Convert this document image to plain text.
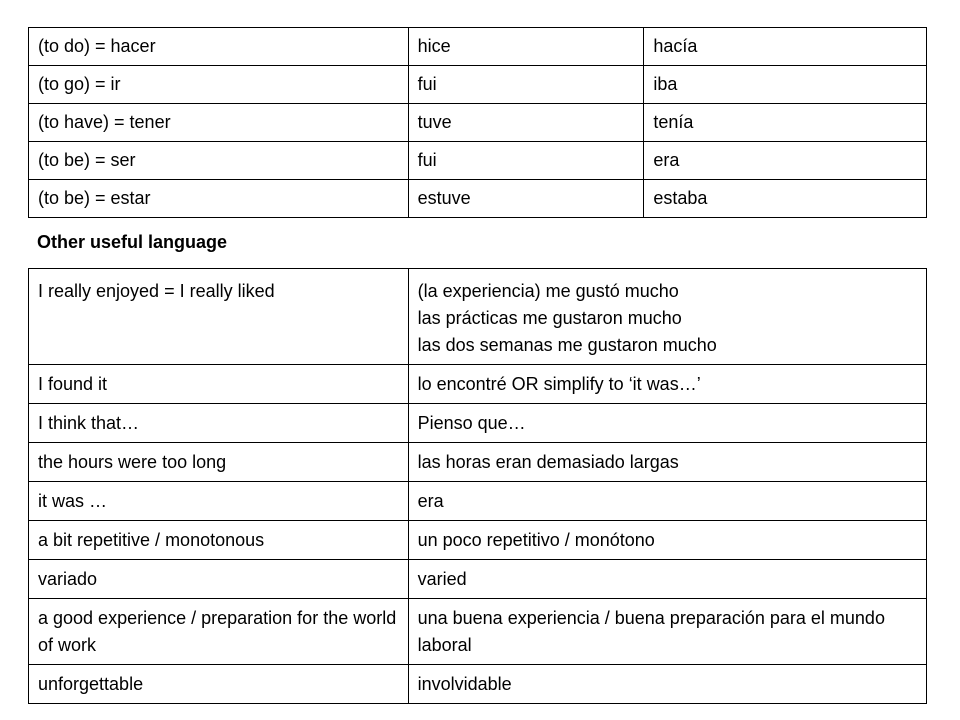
(to do) = hacer	hice	hacía
(to go) = ir	fui	iba
(to have) = tener	tuve	tenía
(to be) = ser	fui	era
(to be) = estar	estuve	estaba

Other useful language

I really enjoyed = I really liked	(la experiencia) me gustó mucho
las prácticas me gustaron mucho
las dos semanas me gustaron mucho

I found it	lo encontré OR simplify to ‘it was…’
I think that…	Pienso que…
the hours were too long	las horas eran demasiado largas
it was …	era
a bit repetitive / monotonous	un poco repetitivo / monótono
variado	varied
a good experience / preparation for the world of work	una buena experiencia / buena preparación para el mundo laboral
unforgettable	involvidable
